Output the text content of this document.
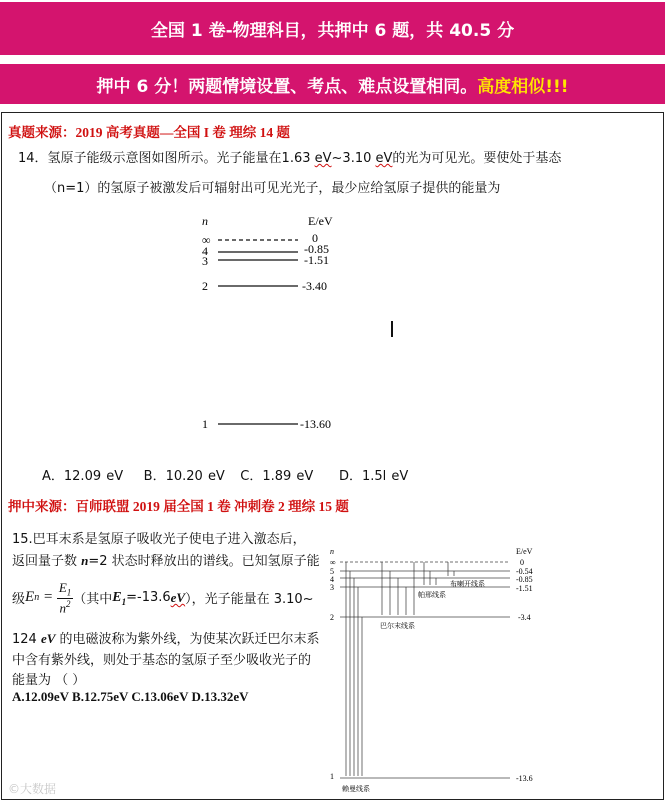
全国 1 卷-物理科目，共押中 6 题，共 40.5 分
押中 6 分！两题情境设置、考点、难点设置相同。 高度相似!!!
真题来源：2019 高考真题—全国 I 卷 理综 14 题
14．氢原子能级示意图如图所示。光子能量在1.63 eV~3.10 eV的光为可见光。要使处于基态
（n=1）的氢原子被激发后可辐射出可见光光子，最少应给氢原子提供的能量为
n	E/eV
∞	0
4	-0.85
3	-1.51
2	-3.40
1	-13.60
A．12.09 eV B．10.20 eV C．1.89 eV D．1.5l eV
押中来源：百师联盟 2019 届全国 1 卷 冲刺卷 2 理综 15 题
15.巴耳末系是氢原子吸收光子使电子进入激态后，
返回量子数 n=2 状态时释放出的谱线。已知氢原子能
级 E n =
$E_1$
$n^2$ （其中 $E_1 =-13.6$ eV ），光子能量在 3.10~
124 eV 的电磁波称为紫外线，为使某次跃迁巴尔末系
中含有紫外线，则处于基态的氢原子至少吸收光子的
能量为 （ ）
A.12.09eV B.12.75eV C.13.06eV D.13.32eV
n	E/eV
∞	0
5	-0.54
4	-0.85
3	-1.51
2	-3.4
1	-13.6
布喇开线系
帕邢线系
巴尔末线系
赖曼线系
©大数据
